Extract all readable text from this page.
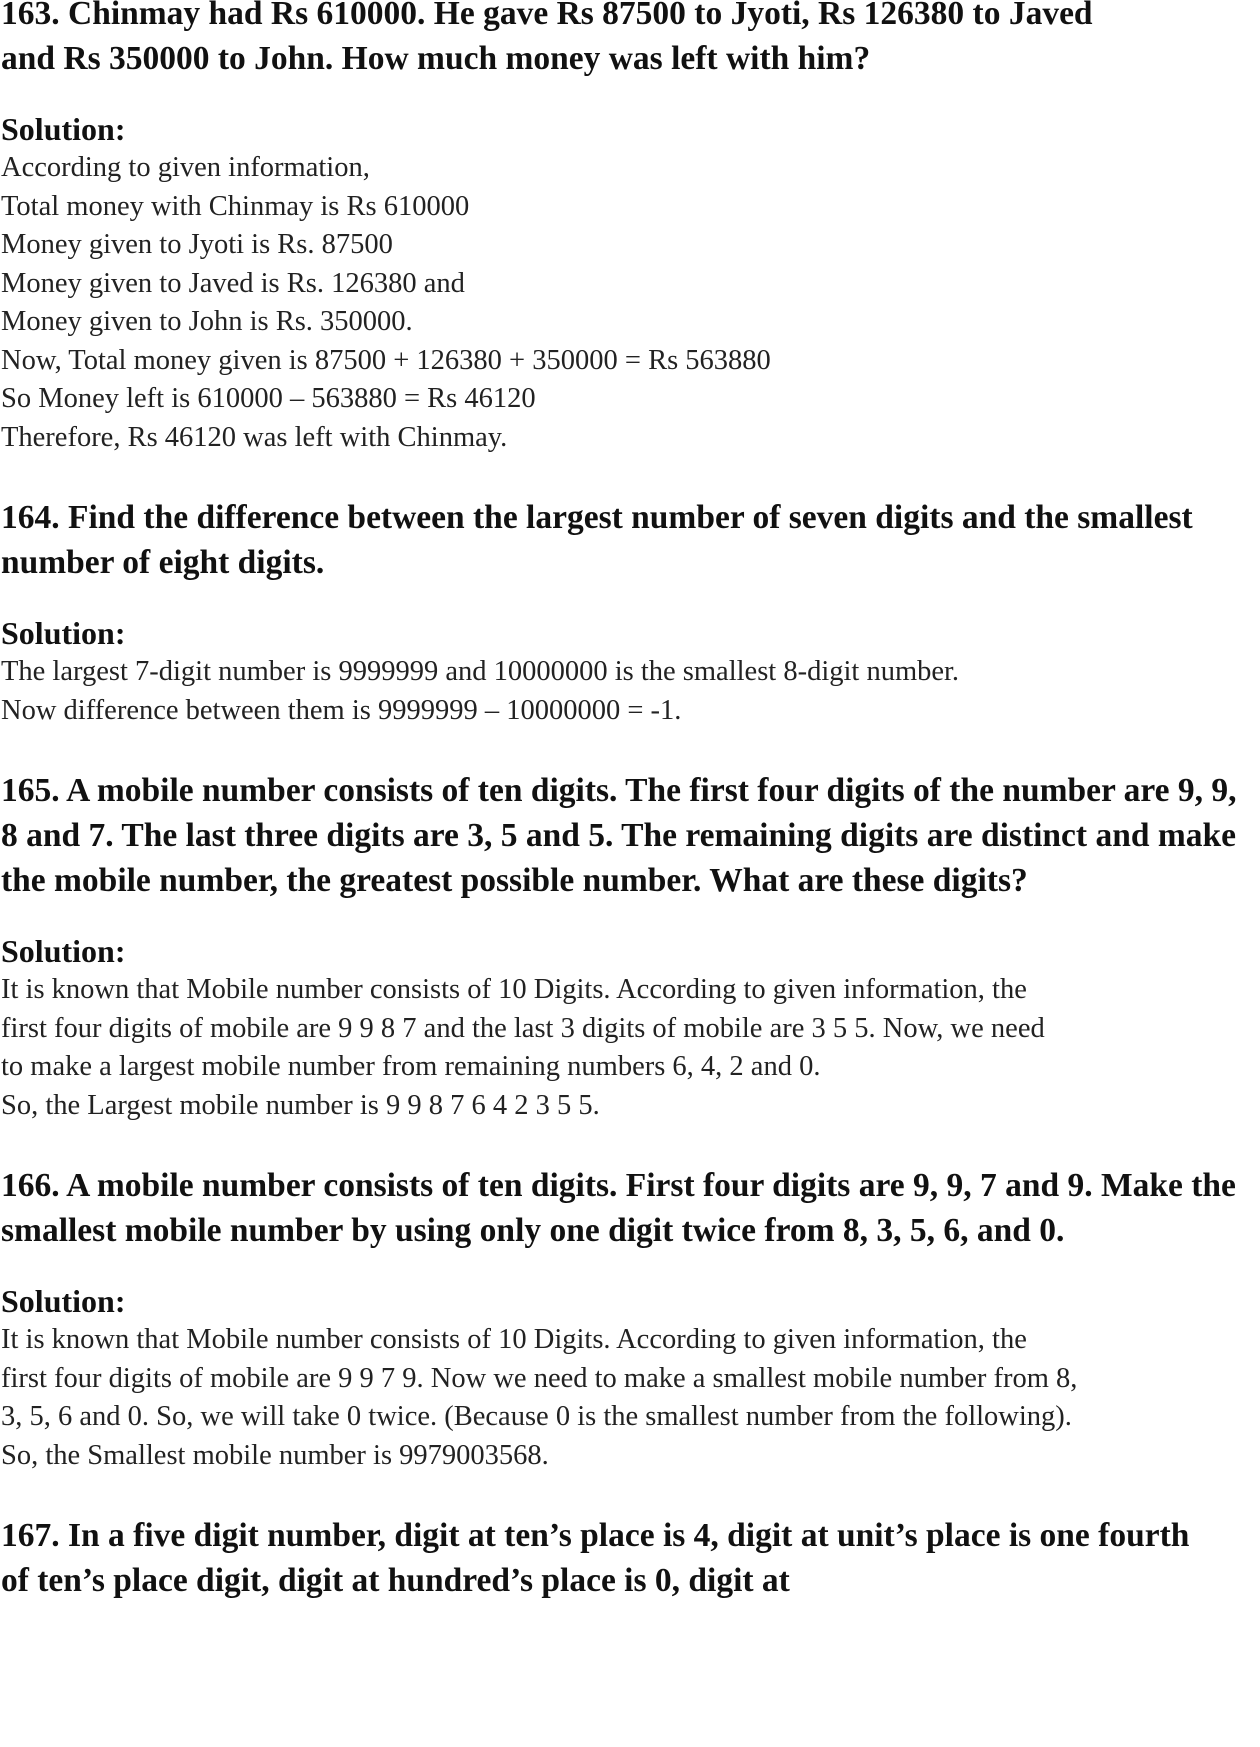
163. Chinmay had Rs 610000. He gave Rs 87500 to Jyoti, Rs 126380 to Javed and Rs 350000 to John. How much money was left with him?

Solution:

According to given information,

Total money with Chinmay is Rs 610000

Money given to Jyoti is Rs. 87500

Money given to Javed is Rs. 126380 and

Money given to John is Rs. 350000.

Now, Total money given is 87500 + 126380 + 350000 = Rs 563880

So Money left is 610000 – 563880 = Rs 46120

Therefore, Rs 46120 was left with Chinmay.

164. Find the difference between the largest number of seven digits and the smallest number of eight digits.

Solution:

The largest 7-digit number is 9999999 and 10000000 is the smallest 8-digit number.

Now difference between them is 9999999 – 10000000 = -1.

165. A mobile number consists of ten digits. The first four digits of the number are 9, 9, 8 and 7. The last three digits are 3, 5 and 5. The remaining digits are distinct and make the mobile number, the greatest possible number. What are these digits?

Solution:

It is known that Mobile number consists of 10 Digits. According to given information, the

first four digits of mobile are 9 9 8 7 and the last 3 digits of mobile are 3 5 5. Now, we need

to make a largest mobile number from remaining numbers 6, 4, 2 and 0.

So, the Largest mobile number is 9 9 8 7 6 4 2 3 5 5.

166. A mobile number consists of ten digits. First four digits are 9, 9, 7 and 9. Make the smallest mobile number by using only one digit twice from 8, 3, 5, 6, and 0.

Solution:

It is known that Mobile number consists of 10 Digits. According to given information, the

first four digits of mobile are 9 9 7 9. Now we need to make a smallest mobile number from 8,

3, 5, 6 and 0. So, we will take 0 twice. (Because 0 is the smallest number from the following).

So, the Smallest mobile number is 9979003568.

167. In a five digit number, digit at ten’s place is 4, digit at unit’s place is one fourth of ten’s place digit, digit at hundred’s place is 0, digit at
